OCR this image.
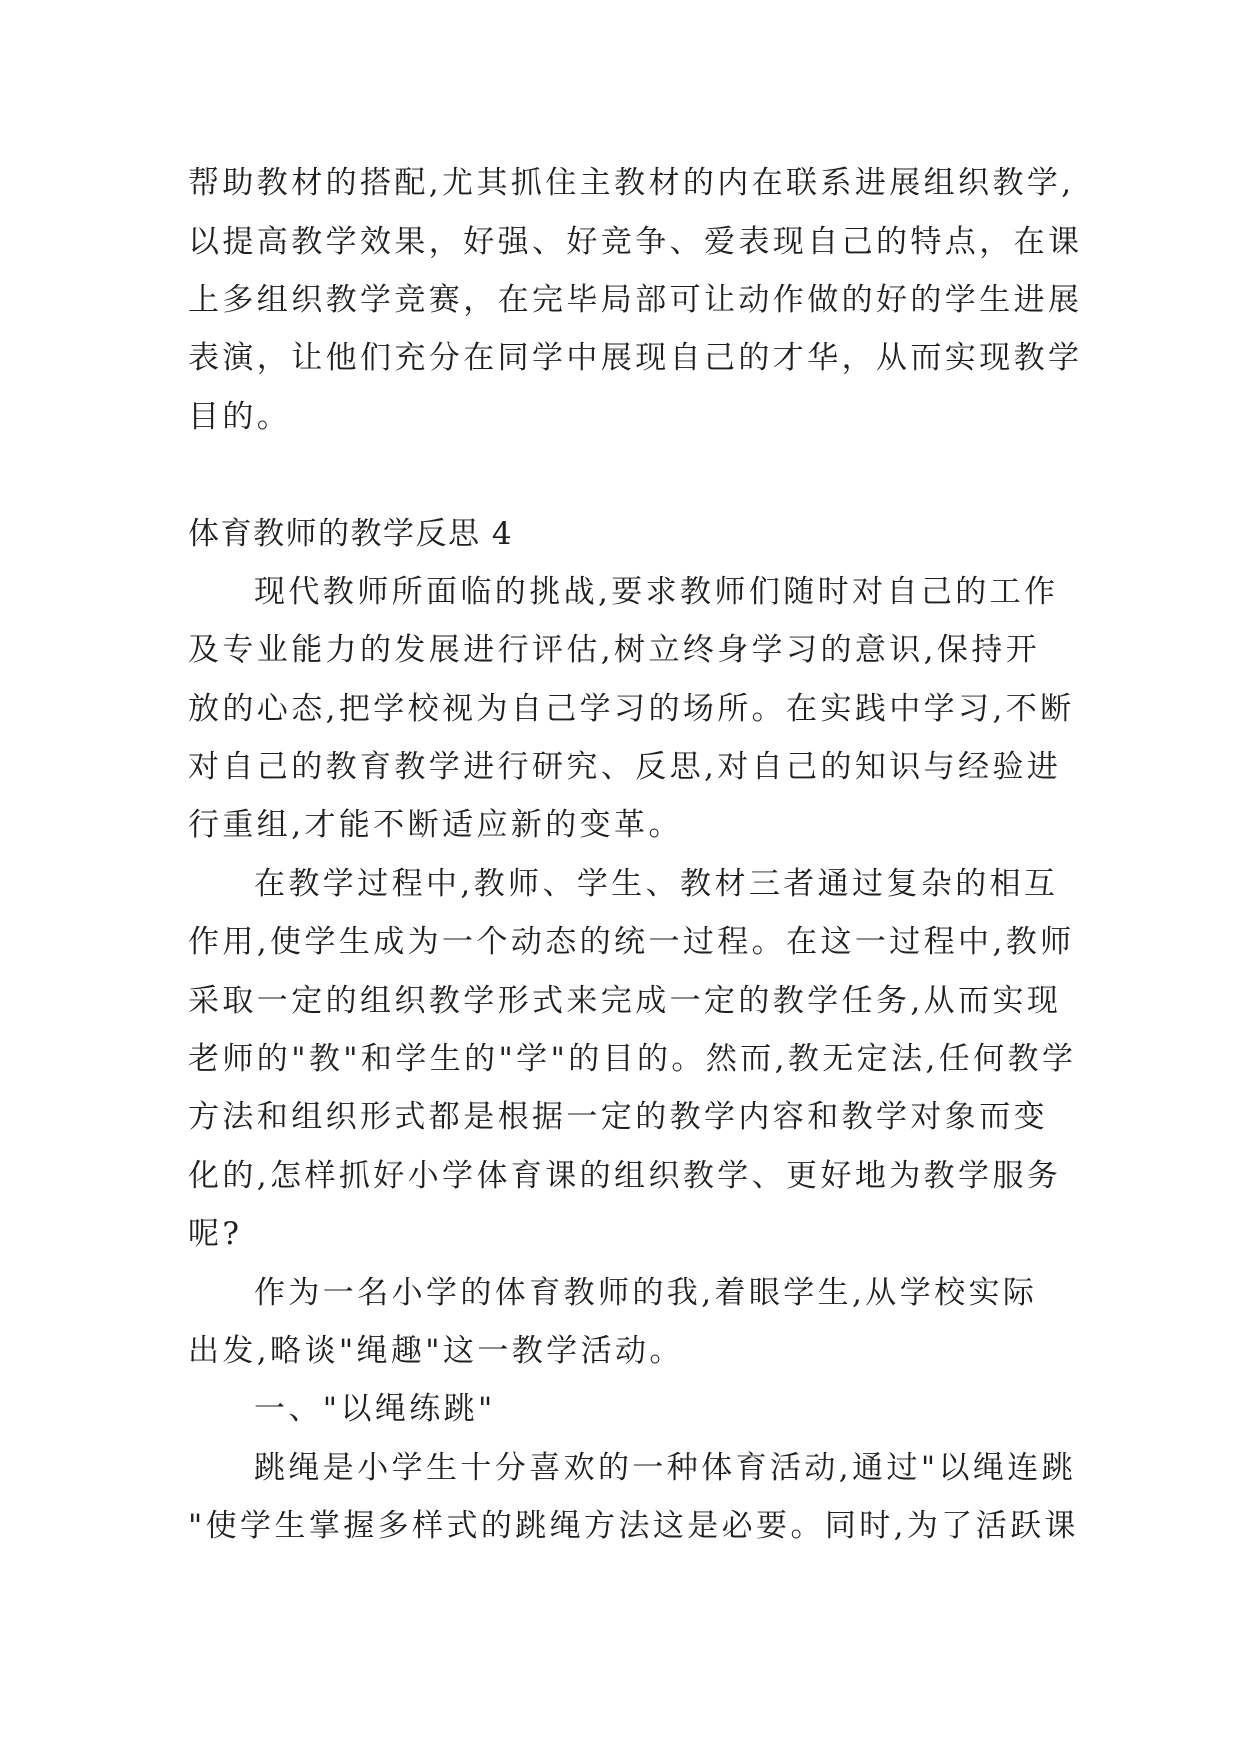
帮助教材的搭配,尤其抓住主教材的内在联系进展组织教学,
以提高教学效果，好强、好竞争、爱表现自己的特点，在课
上多组织教学竞赛，在完毕局部可让动作做的好的学生进展
表演，让他们充分在同学中展现自己的才华，从而实现教学
目的。
体育教师的教学反思 4
现代教师所面临的挑战,要求教师们随时对自己的工作
及专业能力的发展进行评估,树立终身学习的意识,保持开
放的心态,把学校视为自己学习的场所。在实践中学习,不断
对自己的教育教学进行研究、反思,对自己的知识与经验进
行重组,才能不断适应新的变革。
在教学过程中,教师、学生、教材三者通过复杂的相互
作用,使学生成为一个动态的统一过程。在这一过程中,教师
采取一定的组织教学形式来完成一定的教学任务,从而实现
老师的"教"和学生的"学"的目的。然而,教无定法,任何教学
方法和组织形式都是根据一定的教学内容和教学对象而变
化的,怎样抓好小学体育课的组织教学、更好地为教学服务
呢?
作为一名小学的体育教师的我,着眼学生,从学校实际
出发,略谈"绳趣"这一教学活动。
一、"以绳练跳"
跳绳是小学生十分喜欢的一种体育活动,通过"以绳连跳
"使学生掌握多样式的跳绳方法这是必要。同时,为了活跃课
